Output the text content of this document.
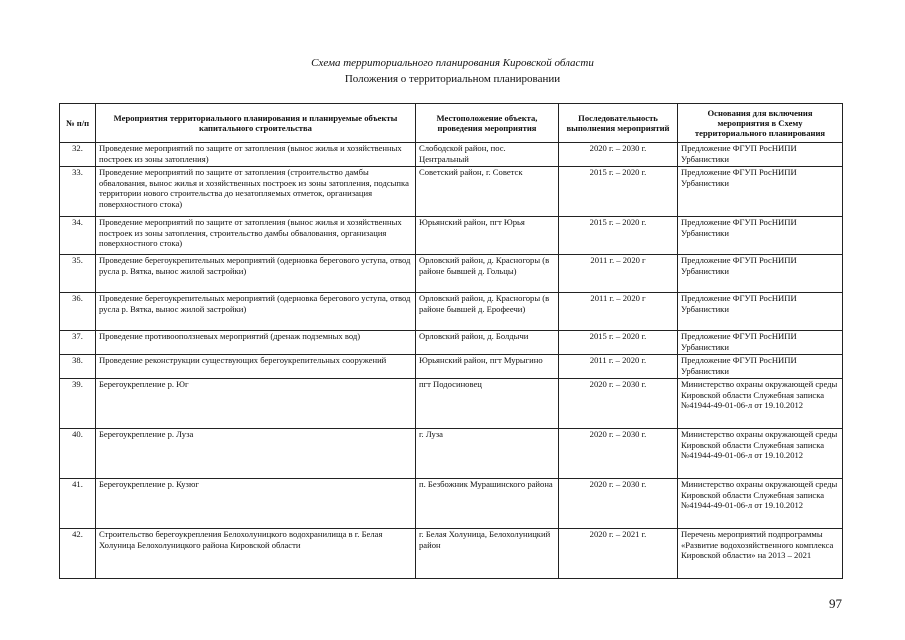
Схема территориального планирования Кировской области
Положения о территориальном планировании
№ п/п	Мероприятия территориального планирования и планируемые объекты капитального строительства	Местоположение объекта, проведения мероприятия	Последовательность выполнения мероприятий	Основания для включения мероприятия в Схему территориального планирования
32.	Проведение мероприятий по защите от затопления (вынос жилья и хозяйственных построек из зоны затопления)	Слободской район, пос. Центральный	2020 г. – 2030 г.	Предложение ФГУП РосНИПИ Урбанистики
33.	Проведение мероприятий по защите от затопления (строительство дамбы обвалования, вынос жилья и хозяйственных построек из зоны затопления, подсыпка территории нового строительства до незатопляемых отметок, организация поверхностного стока)	Советский район, г. Советск	2015 г. – 2020 г.	Предложение ФГУП РосНИПИ Урбанистики
34.	Проведение мероприятий по защите от затопления (вынос жилья и хозяйственных построек из зоны затопления, строительство дамбы обвалования, организация поверхностного стока)	Юрьянский район, пгт Юрья	2015 г. – 2020 г.	Предложение ФГУП РосНИПИ Урбанистики
35.	Проведение берегоукрепительных мероприятий (одерновка берегового уступа, отвод русла р. Вятка, вынос жилой застройки)	Орловский район, д. Красногоры (в районе бывшей д. Гольцы)	2011 г. – 2020 г	Предложение ФГУП РосНИПИ Урбанистики
36.	Проведение берегоукрепительных мероприятий (одерновка берегового уступа, отвод русла р. Вятка, вынос жилой застройки)	Орловский район, д. Красногоры (в районе бывшей д. Ерофеечи)	2011 г. – 2020 г	Предложение ФГУП РосНИПИ Урбанистики
37.	Проведение противооползневых мероприятий (дренаж подземных вод)	Орловский район, д. Болдычи	2015 г. – 2020 г.	Предложение ФГУП РосНИПИ Урбанистики
38.	Проведение реконструкции существующих берегоукрепительных сооружений	Юрьянский район, пгт Мурыгино	2011 г. – 2020 г.	Предложение ФГУП РосНИПИ Урбанистики
39.	Берегоукрепление р. Юг	пгт Подосиновец	2020 г. – 2030 г.	Министерство охраны окружающей среды Кировской области Служебная записка №41944-49-01-06-л от 19.10.2012
40.	Берегоукрепление р. Луза	г. Луза	2020 г. – 2030 г.	Министерство охраны окружающей среды Кировской области Служебная записка №41944-49-01-06-л от 19.10.2012
41.	Берегоукрепление р. Кузюг	п. Безбожник Мурашинского района	2020 г. – 2030 г.	Министерство охраны окружающей среды Кировской области Служебная записка №41944-49-01-06-л от 19.10.2012
42.	Строительство берегоукрепления Белохолуницкого водохранилища в г. Белая Холуница Белохолуницкого района Кировской области	г. Белая Холуница, Белохолуницкий район	2020 г. – 2021 г.	Перечень мероприятий подпрограммы «Развитие водохозяйственного комплекса Кировской области» на 2013 – 2021
97
